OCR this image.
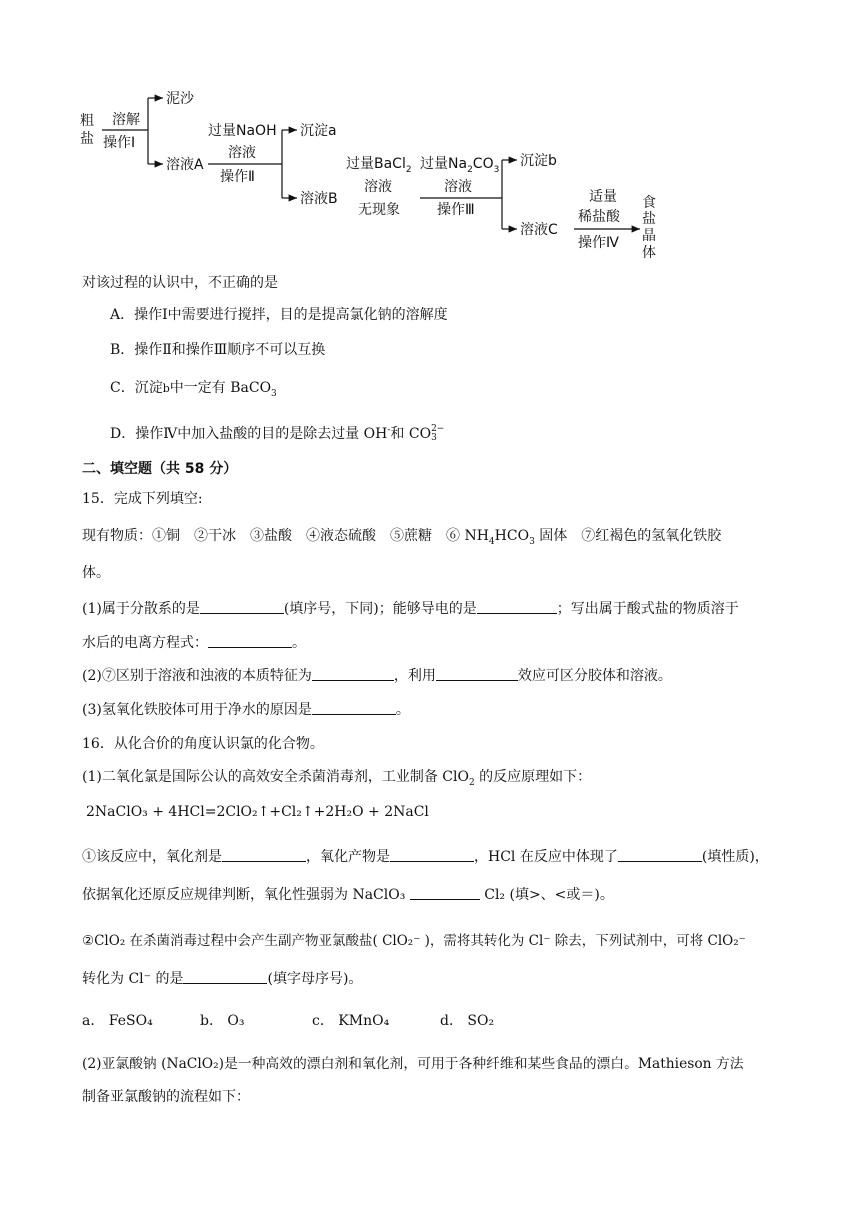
粗
盐
溶解
操作Ⅰ
泥沙
溶液A
过量NaOH
溶液
操作Ⅱ
沉淀a
溶液B
过量BaCl$_2$
溶液
无现象
过量$Na_2CO_3$
溶液
操作Ⅲ
沉淀b
溶液C
适量
稀盐酸
操作Ⅳ
食
盐
晶
体
对该过程的认识中，不正确的是
A．操作Ⅰ中需要进行搅拌，目的是提高氯化钠的溶解度
B．操作Ⅱ和操作Ⅲ顺序不可以互换
C．沉淀b中一定有 BaCO$_3$
D．操作Ⅳ中加入盐酸的目的是除去过量 OH-和 CO 2−
3
二、填空题（共 58 分）
15．完成下列填空:
现有物质：①铜　②干冰　③盐酸　④液态硫酸　⑤蔗糖　⑥ $NH_4HCO_3$ 固体　⑦红褐色的氢氧化铁胶
体。
(1)属于分散系的是	(填序号，下同)；能够导电的是	；写出属于酸式盐的物质溶于
水后的电离方程式：	。
(2)⑦区别于溶液和浊液的本质特征为	，利用	效应可区分胶体和溶液。
(3)氢氧化铁胶体可用于净水的原因是	。
16．从化合价的角度认识氯的化合物。
(1)二氧化氯是国际公认的高效安全杀菌消毒剂，工业制备 ClO$_2$ 的反应原理如下：
2NaClO₃ + 4HCl=2ClO₂↑+Cl₂↑+2H₂O + 2NaCl
①该反应中，氧化剂是	，氧化产物是	，HCl 在反应中体现了	(填性质)，
依据氧化还原反应规律判断，氧化性强弱为 NaClO₃	Cl₂ (填>、<或＝)。
②ClO₂ 在杀菌消毒过程中会产生副产物亚氯酸盐( ClO₂⁻ )，需将其转化为 Cl⁻ 除去，下列试剂中，可将 ClO₂⁻
转化为 Cl⁻ 的是	(填字母序号)。
a． FeSO₄	b． O₃	c． KMnO₄	d． SO₂
(2)亚氯酸钠 (NaClO₂)是一种高效的漂白剂和氧化剂，可用于各种纤维和某些食品的漂白。Mathieson 方法
制备亚氯酸钠的流程如下：
